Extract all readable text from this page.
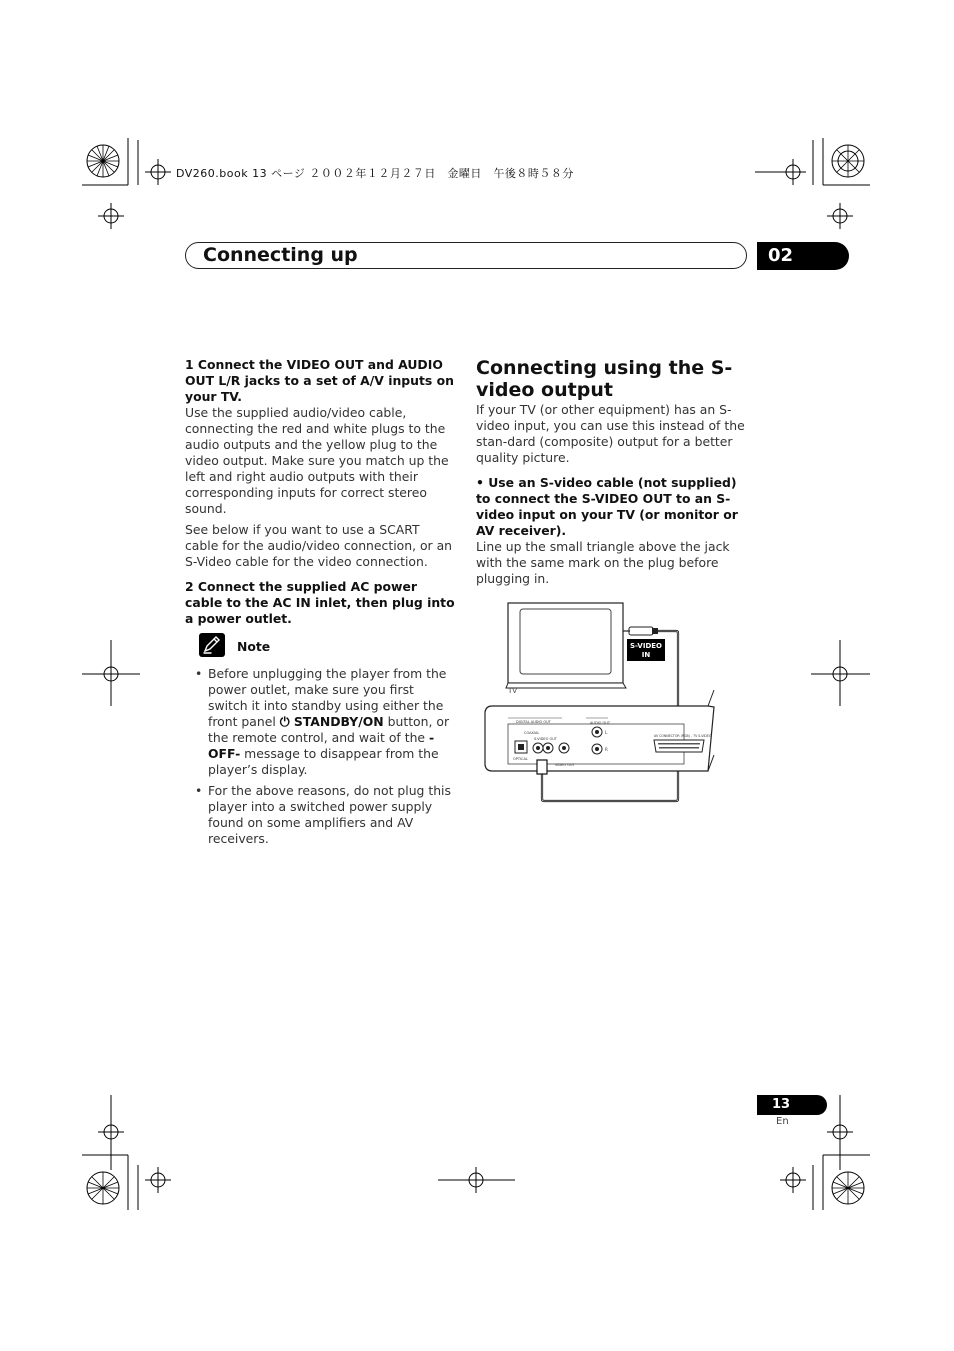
DV260.book 13 ページ ２００２年１２月２７日　金曜日　午後８時５８分
Connecting up	02

1 Connect the VIDEO OUT and AUDIO OUT L/R jacks to a set of A/V inputs on your TV.

Use the supplied audio/video cable, connecting the red and white plugs to the audio outputs and the yellow plug to the video output. Make sure you match up the left and right audio outputs with their corresponding inputs for correct stereo sound.

See below if you want to use a SCART cable for the audio/video connection, or an S-Video cable for the video connection.

2 Connect the supplied AC power cable to the AC IN inlet, then plug into a power outlet.

Note
• Before unplugging the player from the power outlet, make sure you first switch it into standby using either the front panel ⏻ STANDBY/ON button, or the remote control, and wait of the -OFF- message to disappear from the player’s display.
• For the above reasons, do not plug this player into a switched power supply found on some amplifiers and AV receivers.
Connecting using the S-video output

If your TV (or other equipment) has an S-video input, you can use this instead of the stan-dard (composite) output for a better quality picture.

• Use an S-video cable (not supplied) to connect the S-VIDEO OUT to an S-video input on your TV (or monitor or AV receiver).

Line up the small triangle above the jack with the same mark on the plug before plugging in.

TV
S-VIDEO
IN
DIGITAL AUDIO OUT
COAXIAL
OPTICAL
AUDIO OUT
L
R
VIDEO OUT
AV CONNECTOR (RGB) - TV S-VIDEO
S-VIDEO OUT
13
En
